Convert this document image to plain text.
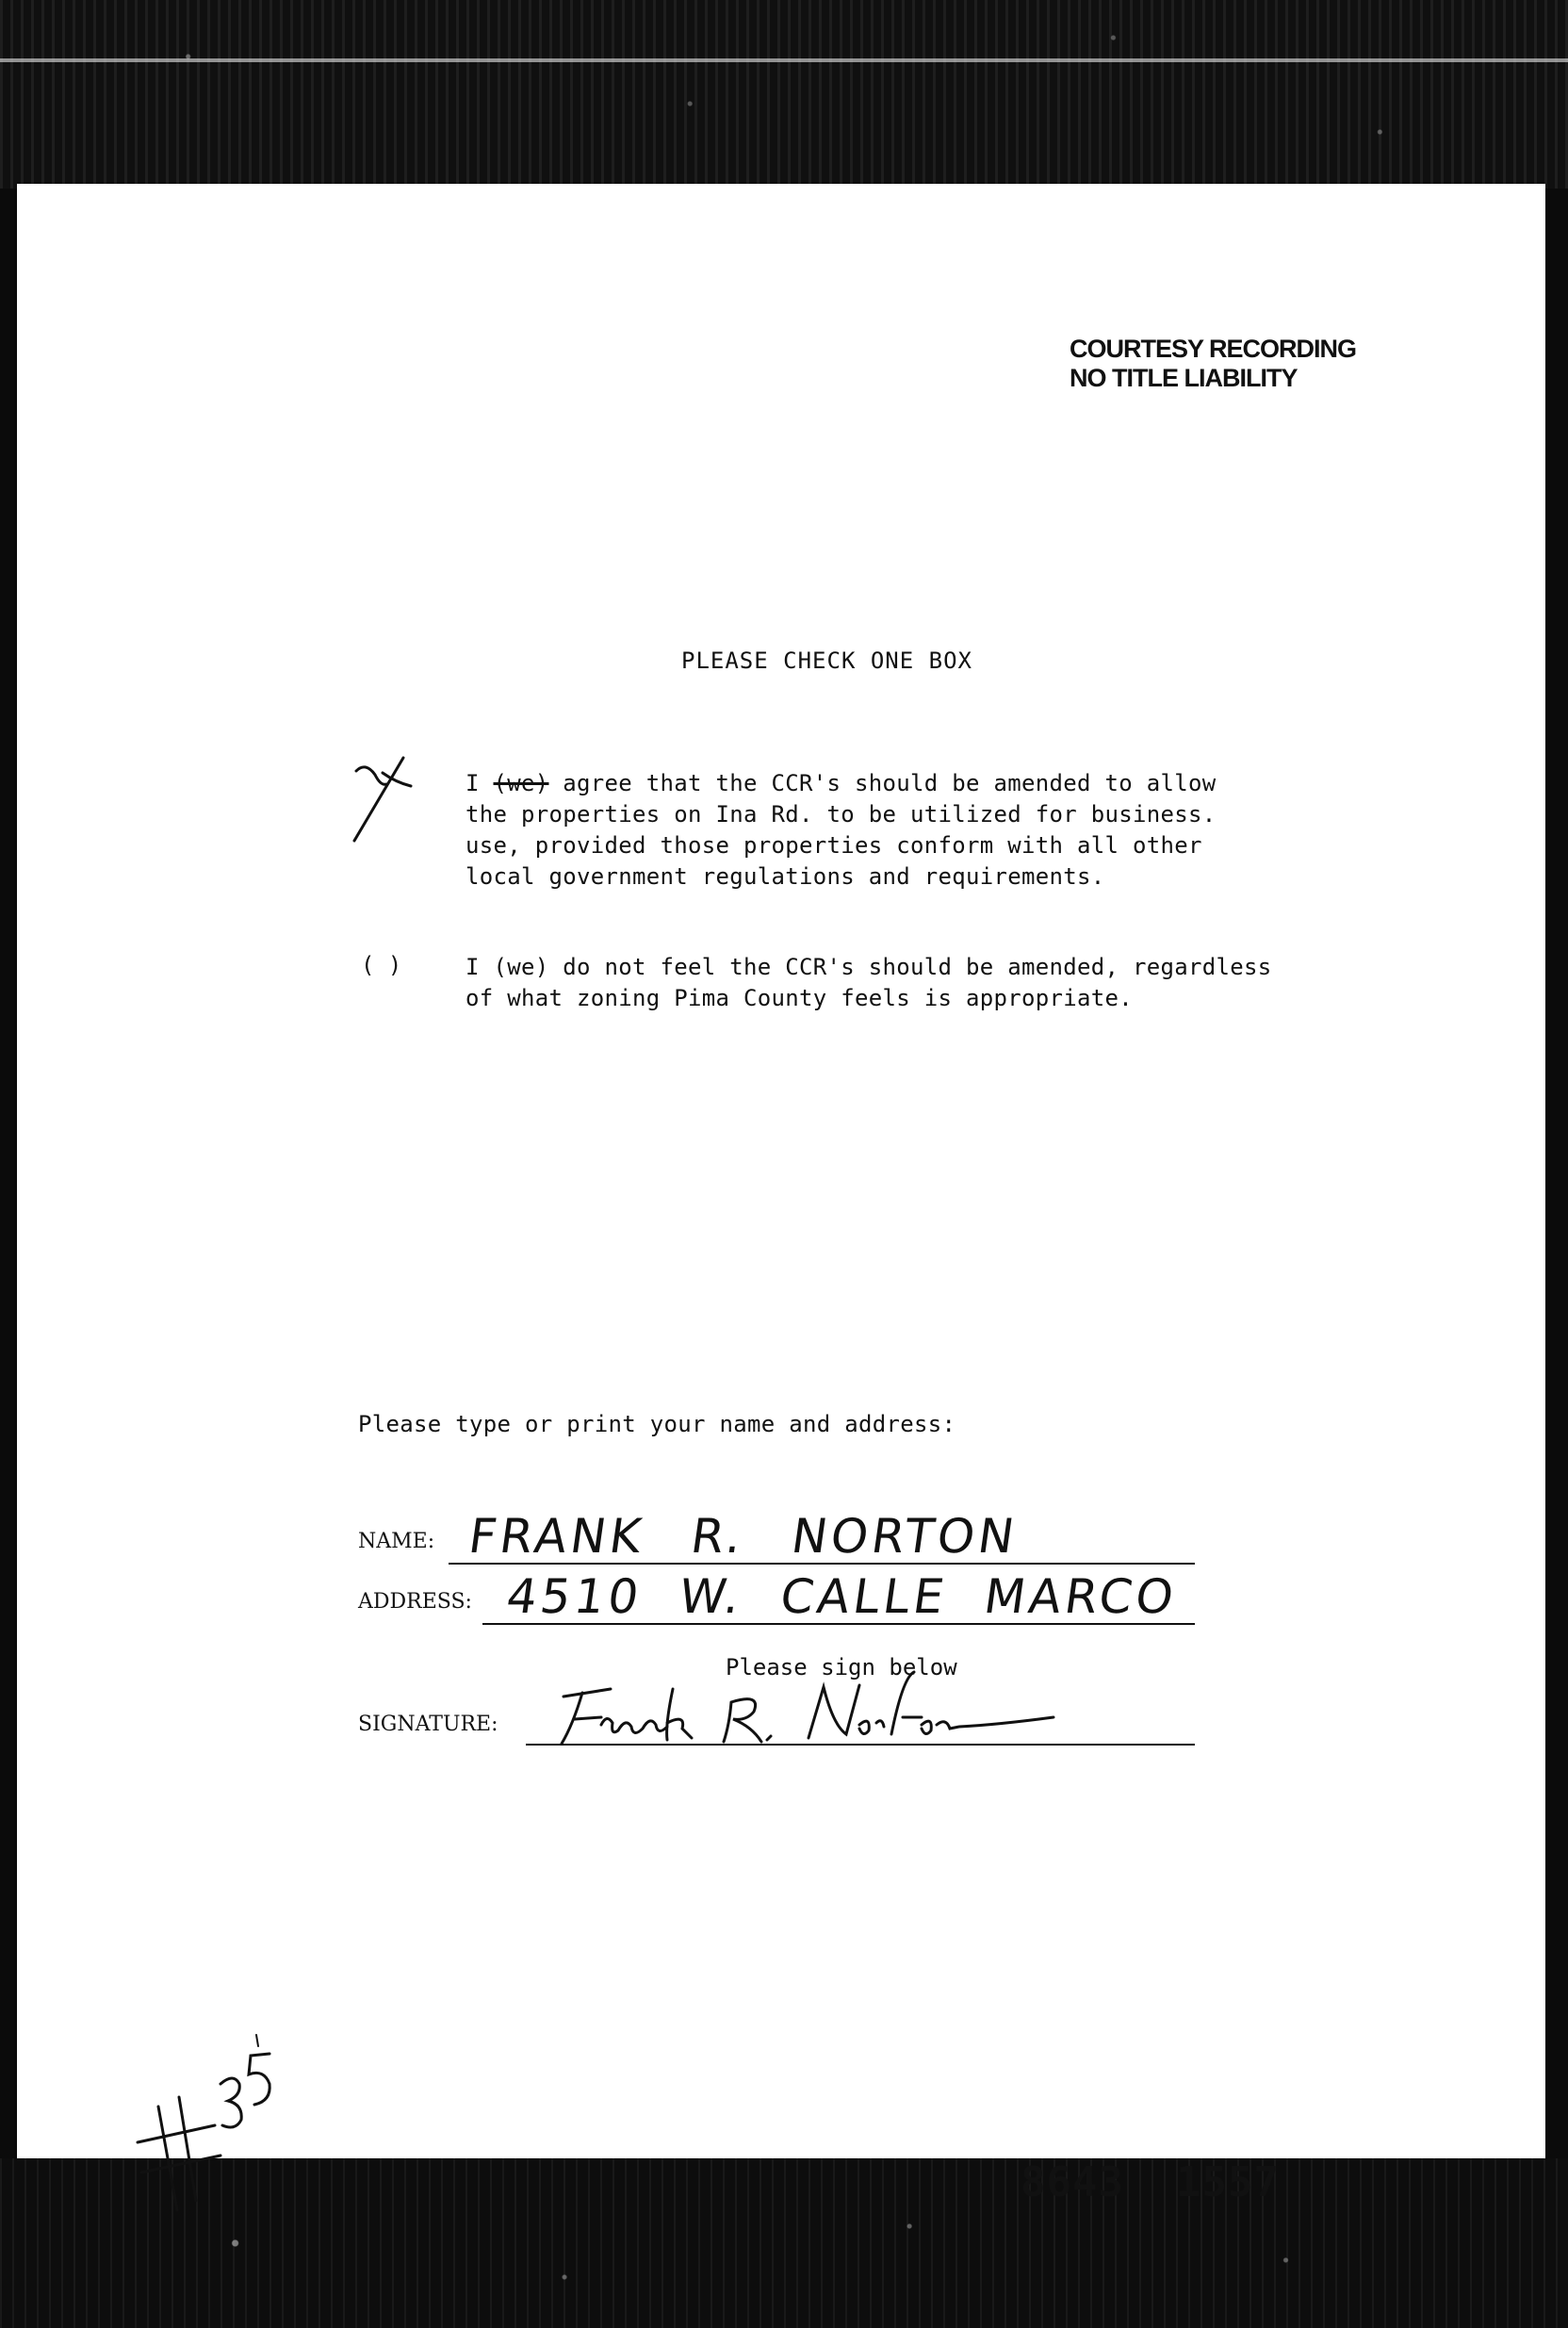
COURTESY RECORDING
NO TITLE LIABILITY
PLEASE CHECK ONE BOX
I (we) agree that the CCR's should be amended to allow
the properties on Ina Rd. to be utilized for business.
use, provided those properties conform with all other
local government regulations and requirements.
( )	I (we) do not feel the CCR's should be amended, regardless
of what zoning Pima County feels is appropriate.
Please type or print your name and address:
NAME: FRANK R. NORTON
ADDRESS: 4510 W. CALLE MARCO
Please sign below
SIGNATURE:
8643 1557
